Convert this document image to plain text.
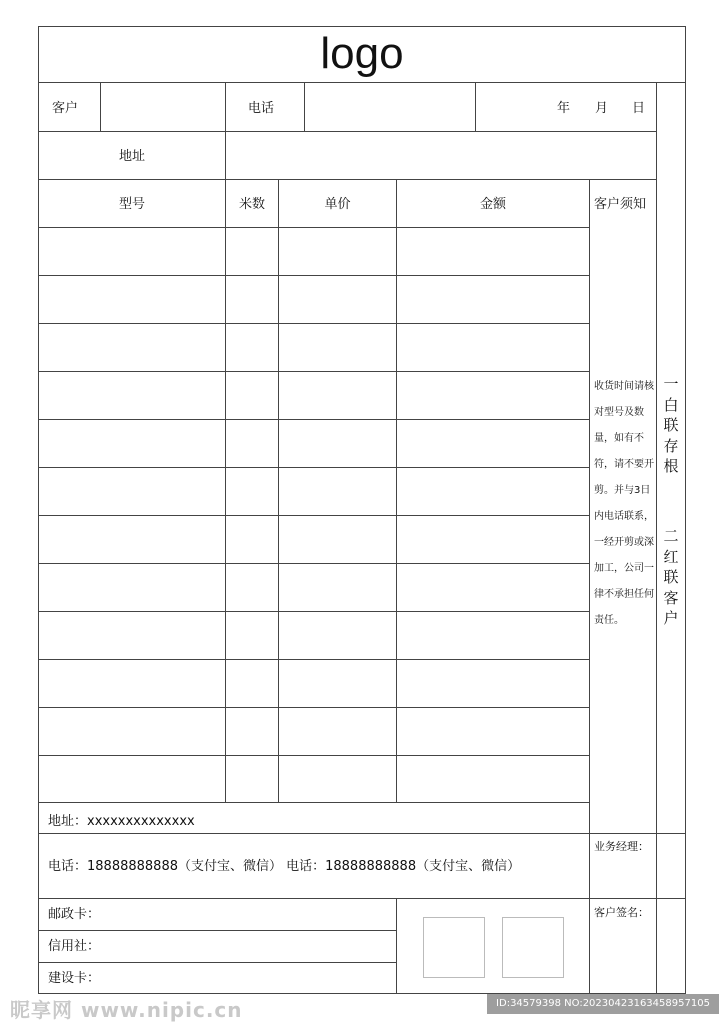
logo
客户	电话	年 月 日
地址
型号	米数	单价	金额	客户须知
收货时间请核对型号及数量，如有不符，请不要开剪。并与3日内电话联系，一经开剪或深加工，公司一律不承担任何责任。
一白联存根
二红联客户
地址：xxxxxxxxxxxxxx
电话：18888888888（支付宝、微信） 电话：18888888888（支付宝、微信）
业务经理：
客户签名：
邮政卡：
信用社：
建设卡：
昵享网 www.nipic.cn	ID:34579398 NO:20230423163458957105
